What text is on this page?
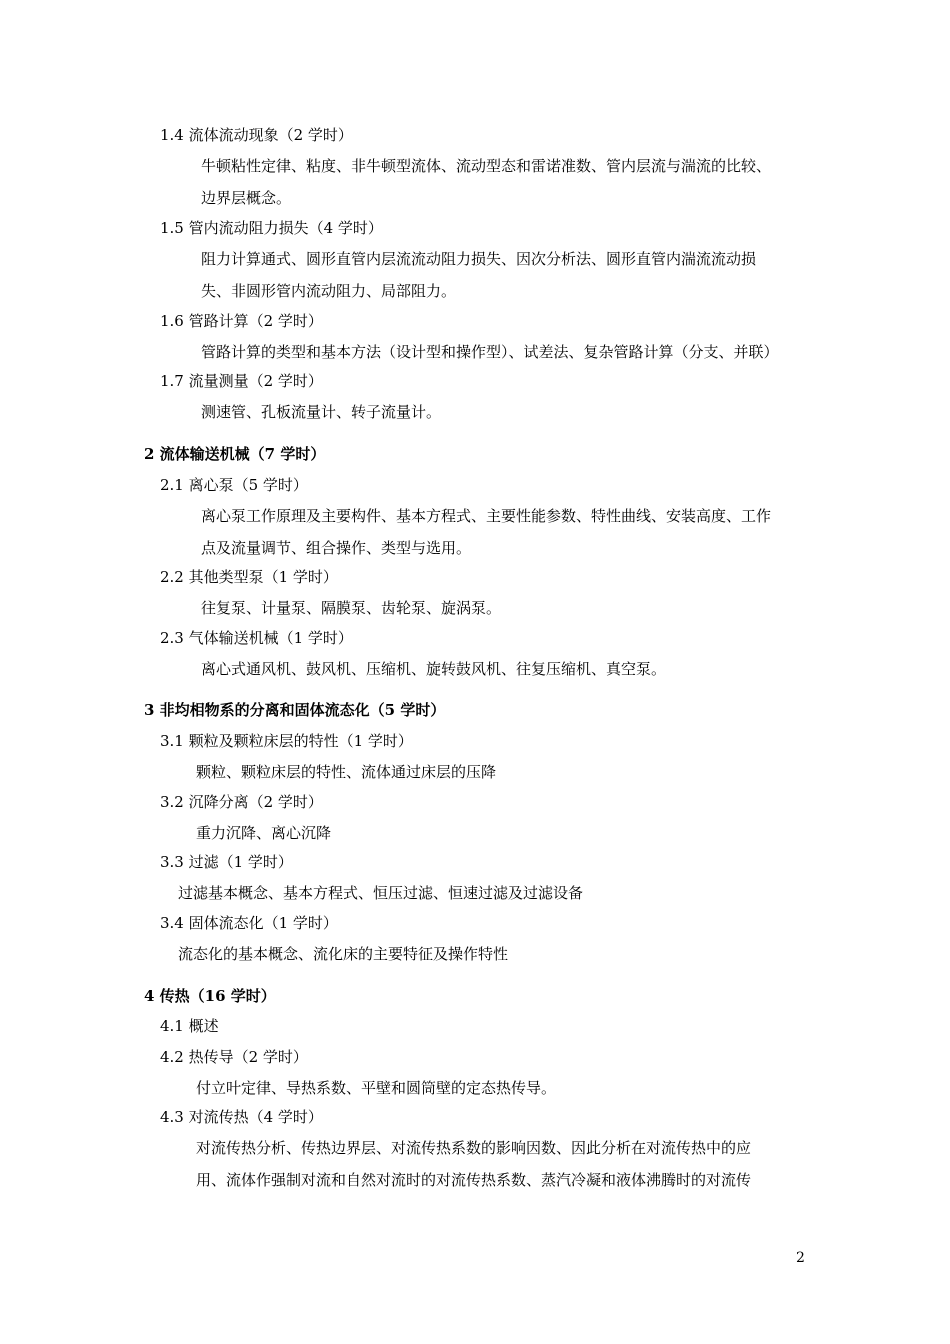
1.4 流体流动现象（2 学时）
牛顿粘性定律、粘度、非牛顿型流体、流动型态和雷诺准数、管内层流与湍流的比较、
边界层概念。
1.5 管内流动阻力损失（4 学时）
阻力计算通式、圆形直管内层流流动阻力损失、因次分析法、圆形直管内湍流流动损
失、非圆形管内流动阻力、局部阻力。
1.6 管路计算（2 学时）
管路计算的类型和基本方法（设计型和操作型）、试差法、复杂管路计算（分支、并联）
1.7 流量测量（2 学时）
测速管、孔板流量计、转子流量计。
2 流体输送机械（7 学时）
2.1 离心泵（5 学时）
离心泵工作原理及主要构件、基本方程式、主要性能参数、特性曲线、安装高度、工作
点及流量调节、组合操作、类型与选用。
2.2 其他类型泵（1 学时）
往复泵、计量泵、隔膜泵、齿轮泵、旋涡泵。
2.3 气体输送机械（1 学时）
离心式通风机、鼓风机、压缩机、旋转鼓风机、往复压缩机、真空泵。
3 非均相物系的分离和固体流态化（5 学时）
3.1 颗粒及颗粒床层的特性（1 学时）
颗粒、颗粒床层的特性、流体通过床层的压降
3.2 沉降分离（2 学时）
重力沉降、离心沉降
3.3 过滤（1 学时）
过滤基本概念、基本方程式、恒压过滤、恒速过滤及过滤设备
3.4 固体流态化（1 学时）
流态化的基本概念、流化床的主要特征及操作特性
4 传热（16 学时）
4.1 概述
4.2 热传导（2 学时）
付立叶定律、导热系数、平壁和圆筒壁的定态热传导。
4.3 对流传热（4 学时）
对流传热分析、传热边界层、对流传热系数的影响因数、因此分析在对流传热中的应
用、流体作强制对流和自然对流时的对流传热系数、蒸汽冷凝和液体沸腾时的对流传
2
